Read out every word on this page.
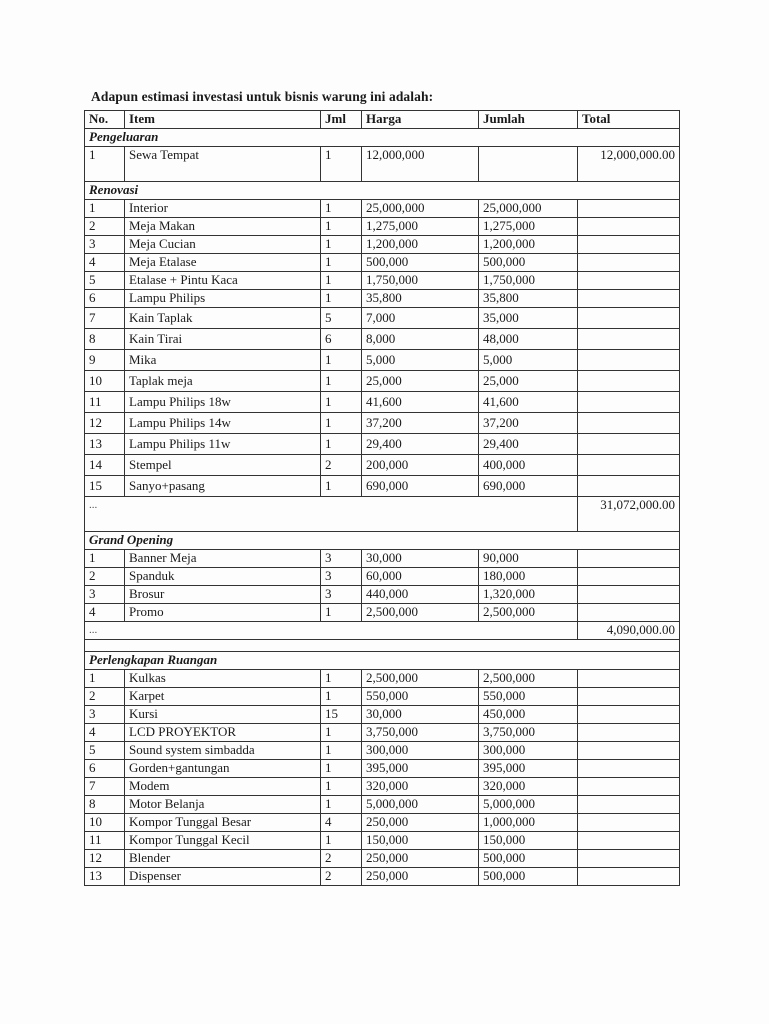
Adapun estimasi investasi untuk bisnis warung ini adalah:
No.	Item	Jml	Harga	Jumlah	Total
Pengeluaran					
1	Sewa Tempat	1	12,000,000		12,000,000.00
Renovasi					
1	Interior	1	25,000,000	25,000,000	
2	Meja Makan	1	1,275,000	1,275,000	
3	Meja Cucian	1	1,200,000	1,200,000	
4	Meja Etalase	1	500,000	500,000	
5	Etalase + Pintu Kaca	1	1,750,000	1,750,000	
6	Lampu Philips	1	35,800	35,800	
7	Kain Taplak	5	7,000	35,000	
8	Kain Tirai	6	8,000	48,000	
9	Mika	1	5,000	5,000	
10	Taplak meja	1	25,000	25,000	
11	Lampu Philips 18w	1	41,600	41,600	
12	Lampu Philips 14w	1	37,200	37,200	
13	Lampu Philips 11w	1	29,400	29,400	
14	Stempel	2	200,000	400,000	
15	Sanyo+pasang	1	690,000	690,000	
...					31,072,000.00
Grand Opening					
1	Banner Meja	3	30,000	90,000	
2	Spanduk	3	60,000	180,000	
3	Brosur	3	440,000	1,320,000	
4	Promo	1	2,500,000	2,500,000	
...					4,090,000.00

Perlengkapan Ruangan					
1	Kulkas	1	2,500,000	2,500,000	
2	Karpet	1	550,000	550,000	
3	Kursi	15	30,000	450,000	
4	LCD PROYEKTOR	1	3,750,000	3,750,000	
5	Sound system simbadda	1	300,000	300,000	
6	Gorden+gantungan	1	395,000	395,000	
7	Modem	1	320,000	320,000	
8	Motor Belanja	1	5,000,000	5,000,000	
10	Kompor Tunggal Besar	4	250,000	1,000,000	
11	Kompor Tunggal Kecil	1	150,000	150,000	
12	Blender	2	250,000	500,000	
13	Dispenser	2	250,000	500,000	
